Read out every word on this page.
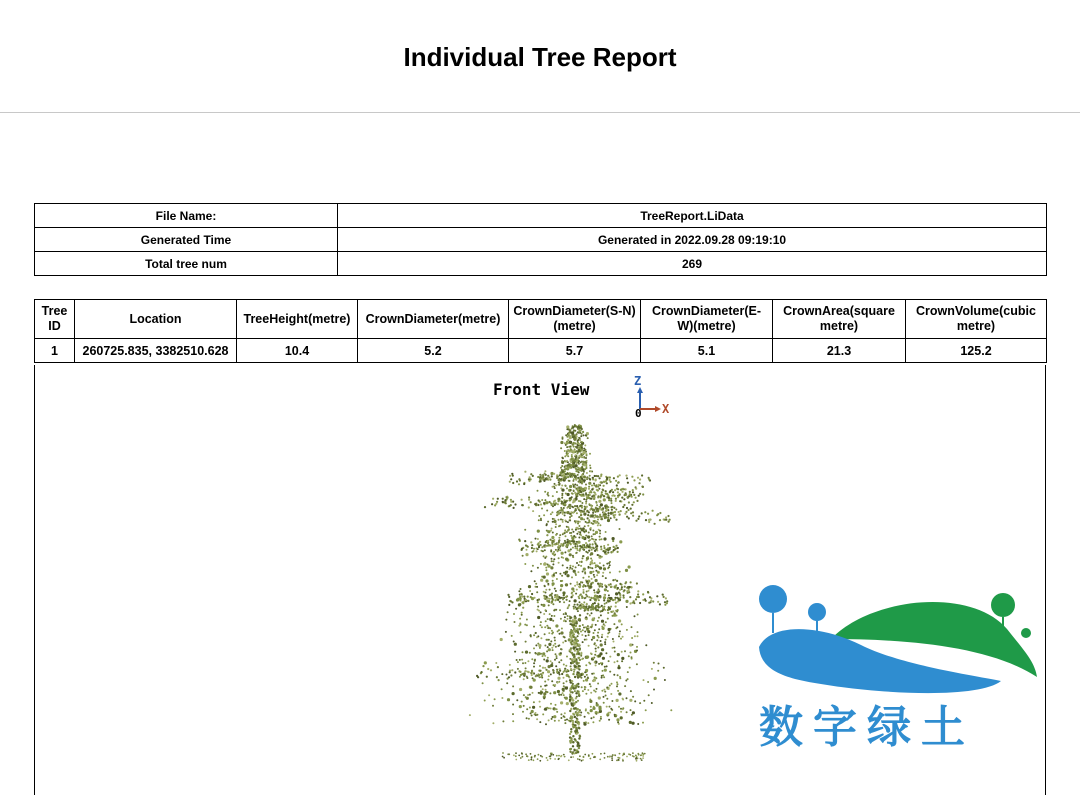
Individual Tree Report
File Name:	TreeReport.LiData
Generated Time	Generated in 2022.09.28 09:19:10
Total tree num	269
Tree ID	Location	TreeHeight(metre)	CrownDiameter(metre)	CrownDiameter(S-N)(metre)	CrownDiameter(E-W)(metre)	CrownArea(square metre)	CrownVolume(cubic metre)
1	260725.835, 3382510.628	10.4	5.2	5.7	5.1	21.3	125.2
Front View	Z
X
0
数字绿土
